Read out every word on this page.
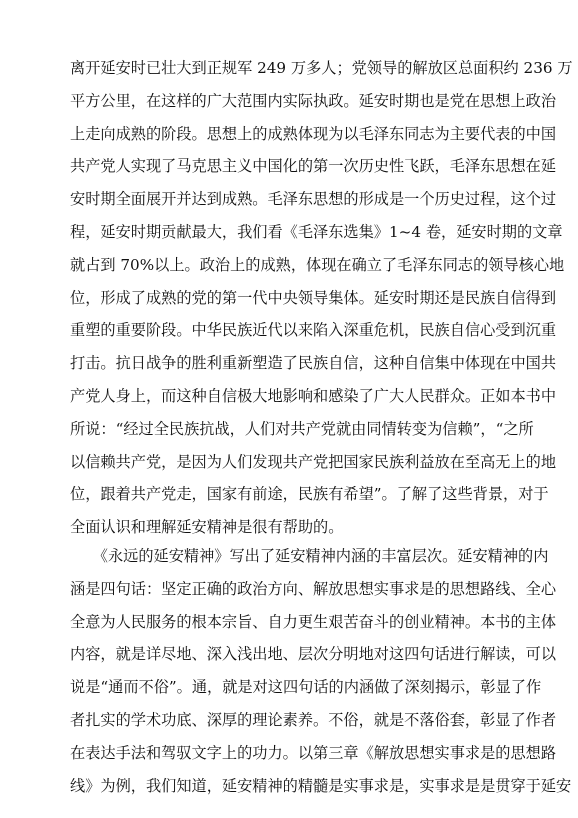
离开延安时已壮大到正规军 249 万多人；党领导的解放区总面积约 236 万
平方公里，在这样的广大范围内实际执政。延安时期也是党在思想上政治
上走向成熟的阶段。思想上的成熟体现为以毛泽东同志为主要代表的中国
共产党人实现了马克思主义中国化的第一次历史性飞跃，毛泽东思想在延
安时期全面展开并达到成熟。毛泽东思想的形成是一个历史过程，这个过
程，延安时期贡献最大，我们看《毛泽东选集》1~4 卷，延安时期的文章
就占到 70%以上。政治上的成熟，体现在确立了毛泽东同志的领导核心地
位，形成了成熟的党的第一代中央领导集体。延安时期还是民族自信得到
重塑的重要阶段。中华民族近代以来陷入深重危机，民族自信心受到沉重
打击。抗日战争的胜利重新塑造了民族自信，这种自信集中体现在中国共
产党人身上，而这种自信极大地影响和感染了广大人民群众。正如本书中
所说：“经过全民族抗战，人们对共产党就由同情转变为信赖”，“之所
以信赖共产党，是因为人们发现共产党把国家民族利益放在至高无上的地
位，跟着共产党走，国家有前途，民族有希望”。了解了这些背景，对于
全面认识和理解延安精神是很有帮助的。
　　《永远的延安精神》写出了延安精神内涵的丰富层次。延安精神的内
涵是四句话：坚定正确的政治方向、解放思想实事求是的思想路线、全心
全意为人民服务的根本宗旨、自力更生艰苦奋斗的创业精神。本书的主体
内容，就是详尽地、深入浅出地、层次分明地对这四句话进行解读，可以
说是“通而不俗”。通，就是对这四句话的内涵做了深刻揭示，彰显了作
者扎实的学术功底、深厚的理论素养。不俗，就是不落俗套，彰显了作者
在表达手法和驾驭文字上的功力。以第三章《解放思想实事求是的思想路
线》为例，我们知道，延安精神的精髓是实事求是，实事求是是贯穿于延安
